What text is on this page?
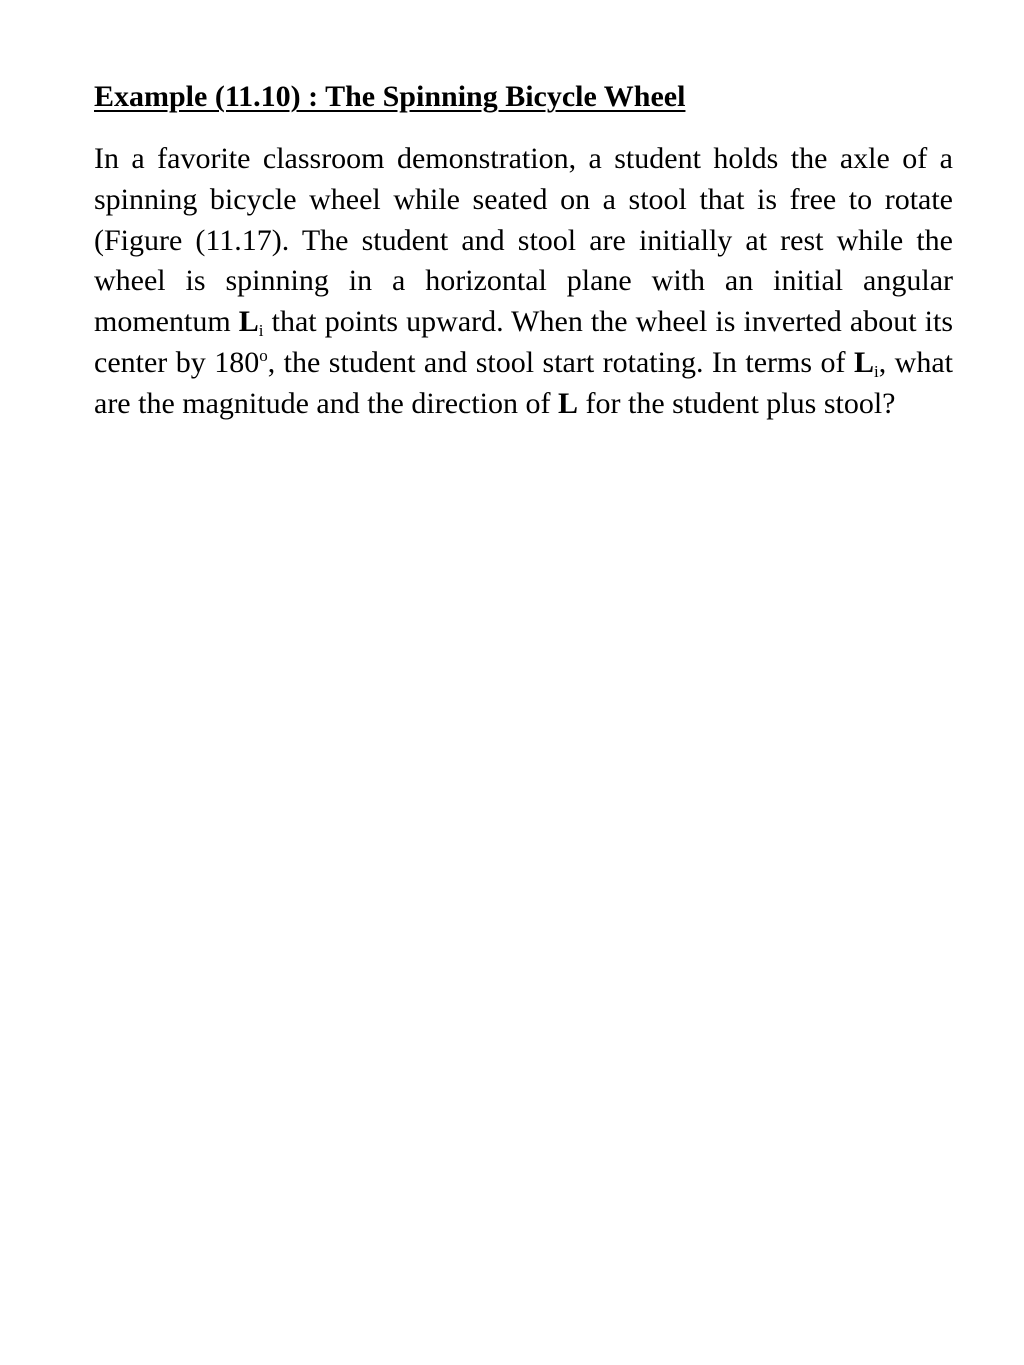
Example (11.10) : The Spinning Bicycle Wheel

In a favorite classroom demonstration, a student holds the axle of a spinning bicycle wheel while seated on a stool that is free to rotate (Figure (11.17). The student and stool are initially at rest while the wheel is spinning in a horizontal plane with an initial angular momentum $L_i$ that points upward. When the wheel is inverted about its center by 180$^o$, the student and stool start rotating. In terms of $L_i$, what are the magnitude and the direction of L for the student plus stool?
